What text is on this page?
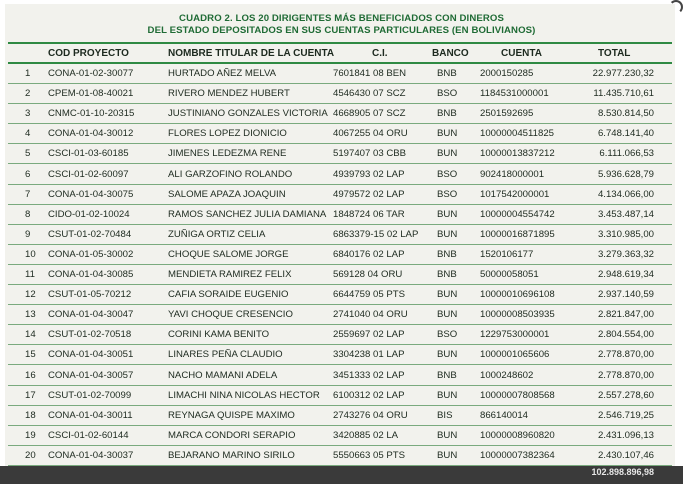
CUADRO 2. LOS 20 DIRIGENTES MÁS BENEFICIADOS CON DINEROS
DEL ESTADO DEPOSITADOS EN SUS CUENTAS PARTICULARES (EN BOLIVIANOS)
COD PROYECTO	NOMBRE TITULAR DE LA CUENTA	C.I.	BANCO	CUENTA	TOTAL
1 CONA-01-02-30077	HURTADO AÑEZ MELVA	7601841 08 BEN	BNB 2000150285	22.977.230,32
2 CPEM-01-08-40021	RIVERO MENDEZ HUBERT	4546430 07 SCZ	BSO 1184531000001	11.435.710,61
3 CNMC-01-10-20315	JUSTINIANO GONZALES VICTORIA 4668905 07 SCZ	BNB 2501592695	8.530.814,50
4 CONA-01-04-30012	FLORES LOPEZ DIONICIO	4067255 04 ORU	BUN 10000004511825	6.748.141,40
5 CSCI-01-03-60185	JIMENES LEDEZMA RENE	5197407 03 CBB	BUN 10000013837212	6.111.066,53
6 CSCI-01-02-60097	ALI GARZOFINO ROLANDO	4939793 02 LAP	BSO 902418000001	5.936.628,79
7 CONA-01-04-30075	SALOME APAZA JOAQUIN	4979572 02 LAP	BSO 1017542000001	4.134.066,00
8 CIDO-01-02-10024	RAMOS SANCHEZ JULIA DAMIANA 1848724 06 TAR	BUN 10000004554742	3.453.487,14
9 CSUT-01-02-70484	ZUÑIGA ORTIZ CELIA	6863379-15 02 LAP BUN 10000016871895	3.310.985,00
10 CONA-01-05-30002	CHOQUE SALOME JORGE	6840176 02 LAP	BNB 1520106177	3.279.363,32
11 CONA-01-04-30085	MENDIETA RAMIREZ FELIX	569128 04 ORU	BNB 50000058051	2.948.619,34
12 CSUT-01-05-70212	CAFIA SORAIDE EUGENIO	6644759 05 PTS	BUN 10000010696108	2.937.140,59
13 CONA-01-04-30047	YAVI CHOQUE CRESENCIO	2741040 04 ORU	BUN 10000008503935	2.821.847,00
14 CSUT-01-02-70518	CORINI KAMA BENITO	2559697 02 LAP	BSO 1229753000001	2.804.554,00
15 CONA-01-04-30051	LINARES PEÑA CLAUDIO	3304238 01 LAP	BUN 1000001065606	2.778.870,00
16 CONA-01-04-30057	NACHO MAMANI ADELA	3451333 02 LAP	BNB 1000248602	2.778.870,00
17 CSUT-01-02-70099	LIMACHI NINA NICOLAS HECTOR 6100312 02 LAP	BUN 10000007808568	2.557.278,60
18 CONA-01-04-30011	REYNAGA QUISPE MAXIMO	2743276 04 ORU	BIS	866140014	2.546.719,25
19 CSCI-01-02-60144	MARCA CONDORI SERAPIO	3420885 02 LA	BUN 10000008960820	2.431.096,13
20 CONA-01-04-30037	BEJARANO MARINO SIRILO	5550663 05 PTS	BUN 10000007382364	2.430.107,46
102.898.896,98
